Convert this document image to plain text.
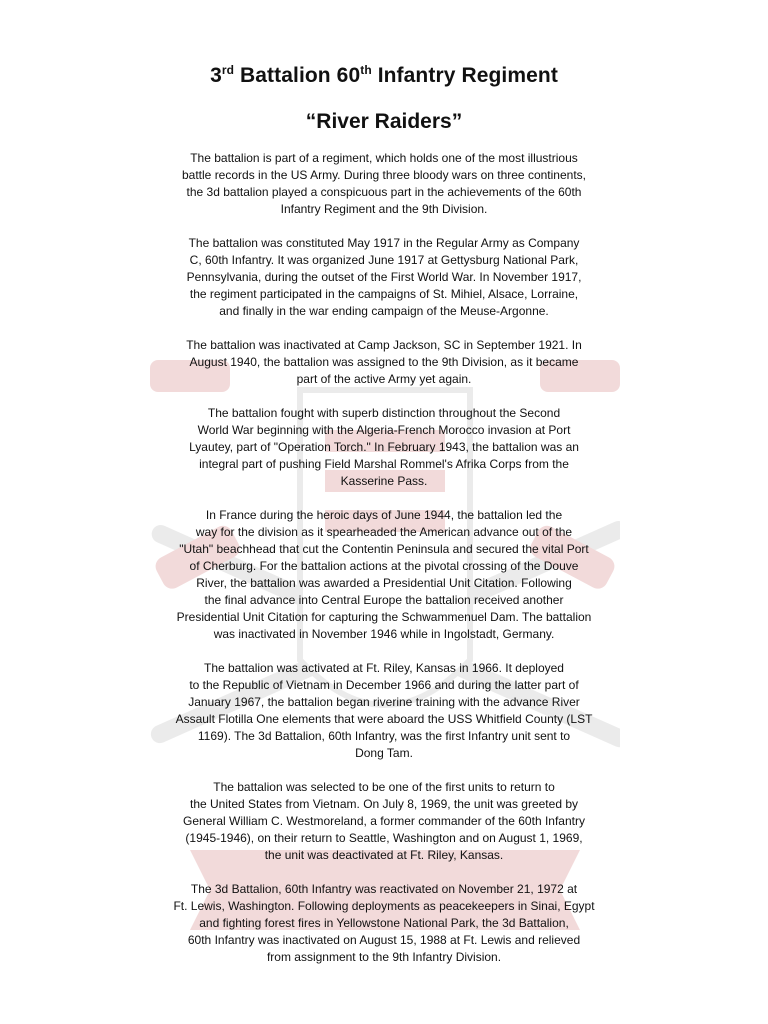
3rd Battalion 60th Infantry Regiment
“River Raiders”

The battalion is part of a regiment, which holds one of the most illustrious
battle records in the US Army. During three bloody wars on three continents,
the 3d battalion played a conspicuous part in the achievements of the 60th
Infantry Regiment and the 9th Division.

The battalion was constituted May 1917 in the Regular Army as Company
C, 60th Infantry. It was organized June 1917 at Gettysburg National Park,
Pennsylvania, during the outset of the First World War. In November 1917,
the regiment participated in the campaigns of St. Mihiel, Alsace, Lorraine,
and finally in the war ending campaign of the Meuse-Argonne.

The battalion was inactivated at Camp Jackson, SC in September 1921. In
August 1940, the battalion was assigned to the 9th Division, as it became
part of the active Army yet again.

The battalion fought with superb distinction throughout the Second
World War beginning with the Algeria-French Morocco invasion at Port
Lyautey, part of "Operation Torch." In February 1943, the battalion was an
integral part of pushing Field Marshal Rommel's Afrika Corps from the
Kasserine Pass.

In France during the heroic days of June 1944, the battalion led the
way for the division as it spearheaded the American advance out of the
"Utah" beachhead that cut the Contentin Peninsula and secured the vital Port
of Cherburg. For the battalion actions at the pivotal crossing of the Douve
River, the battalion was awarded a Presidential Unit Citation. Following
the final advance into Central Europe the battalion received another
Presidential Unit Citation for capturing the Schwammenuel Dam. The battalion
was inactivated in November 1946 while in Ingolstadt, Germany.

The battalion was activated at Ft. Riley, Kansas in 1966. It deployed
to the Republic of Vietnam in December 1966 and during the latter part of
January 1967, the battalion began riverine training with the advance River
Assault Flotilla One elements that were aboard the USS Whitfield County (LST
1169). The 3d Battalion, 60th Infantry, was the first Infantry unit sent to
Dong Tam.

The battalion was selected to be one of the first units to return to
the United States from Vietnam. On July 8, 1969, the unit was greeted by
General William C. Westmoreland, a former commander of the 60th Infantry
(1945-1946), on their return to Seattle, Washington and on August 1, 1969,
the unit was deactivated at Ft. Riley, Kansas.

The 3d Battalion, 60th Infantry was reactivated on November 21, 1972 at
Ft. Lewis, Washington. Following deployments as peacekeepers in Sinai, Egypt
and fighting forest fires in Yellowstone National Park, the 3d Battalion,
60th Infantry was inactivated on August 15, 1988 at Ft. Lewis and relieved
from assignment to the 9th Infantry Division.
